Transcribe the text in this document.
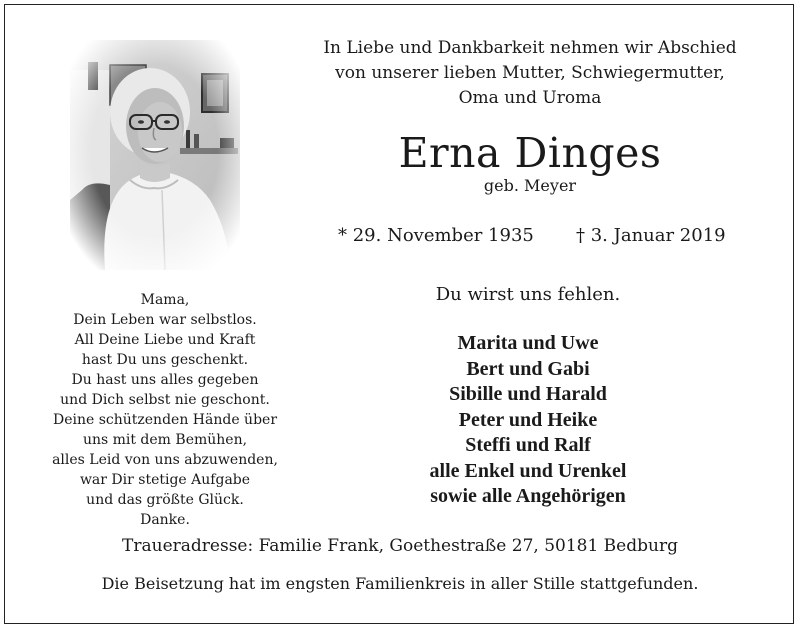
In Liebe und Dankbarkeit nehmen wir Abschied
von unserer lieben Mutter, Schwiegermutter,
Oma und Uroma
Erna Dinges
geb. Meyer
* 29. November 1935 † 3. Januar 2019
Mama,
Dein Leben war selbstlos.
All Deine Liebe und Kraft
hast Du uns geschenkt.
Du hast uns alles gegeben
und Dich selbst nie geschont.
Deine schützenden Hände über
uns mit dem Bemühen,
alles Leid von uns abzuwenden,
war Dir stetige Aufgabe
und das größte Glück.
Danke.
Du wirst uns fehlen.
Marita und Uwe
Bert und Gabi
Sibille und Harald
Peter und Heike
Steffi und Ralf
alle Enkel und Urenkel
sowie alle Angehörigen
Traueradresse: Familie Frank, Goethestraße 27, 50181 Bedburg
Die Beisetzung hat im engsten Familienkreis in aller Stille stattgefunden.
